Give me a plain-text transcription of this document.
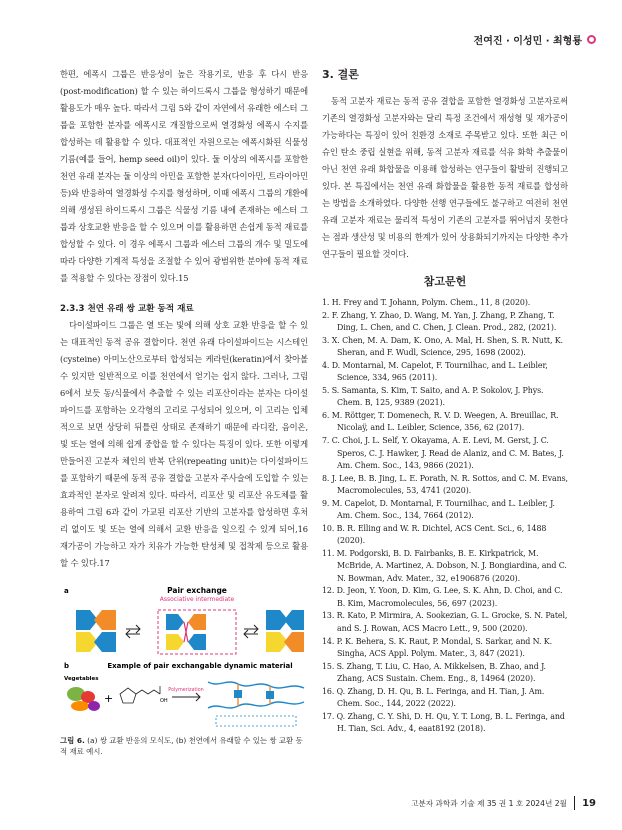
전여진 · 이성민 · 최형룡

한편, 에폭시 그룹은 반응성이 높은 작용기로, 반응 후 다시 반응(post-modification) 할 수 있는 하이드록시 그룹을 형성하기 때문에 활용도가 매우 높다. 따라서 그림 5와 같이 자연에서 유래한 에스터 그룹을 포함한 분자를 에폭시로 개질함으로써 열경화성 에폭시 수지를 합성하는 데 활용할 수 있다. 대표적인 자원으로는 에폭시화된 식물성 기름(예를 들어, hemp seed oil)이 있다. 둘 이상의 에폭시를 포함한 천연 유래 분자는 둘 이상의 아민을 포함한 분자(다이아민, 트라이아민 등)와 반응하여 열경화성 수지를 형성하며, 이때 에폭시 그룹의 개환에 의해 생성된 하이드록시 그룹은 식물성 기름 내에 존재하는 에스터 그룹과 상호교환 반응을 할 수 있으며 이를 활용하면 손쉽게 동적 재료를 합성할 수 있다. 이 경우 에폭시 그룹과 에스터 그룹의 개수 및 밀도에 따라 다양한 기계적 특성을 조절할 수 있어 광범위한 분야에 동적 재료를 적용할 수 있다는 장점이 있다.15

2.3.3 천연 유래 쌍 교환 동적 재료

다이설파이드 그룹은 열 또는 빛에 의해 상호 교환 반응을 할 수 있는 대표적인 동적 공유 결합이다. 천연 유래 다이설파이드는 시스테인(cysteine) 아미노산으로부터 합성되는 케라틴(keratin)에서 찾아볼 수 있지만 일반적으로 이를 천연에서 얻기는 쉽지 않다. 그러나, 그림 6에서 보듯 동/식물에서 추출할 수 있는 리포산이라는 분자는 다이설파이드를 포함하는 오각형의 고리로 구성되어 있으며, 이 고리는 입체적으로 보면 상당히 뒤틀린 상태로 존재하기 때문에 라디칼, 음이온, 빛 또는 열에 의해 쉽게 중합을 할 수 있다는 특징이 있다. 또한 이렇게 만들어진 고분자 체인의 반복 단위(repeating unit)는 다이설파이드를 포함하기 때문에 동적 공유 결합을 고분자 주사슬에 도입할 수 있는 효과적인 분자로 알려져 있다. 따라서, 리포산 및 리포산 유도체를 활용하여 그림 6과 같이 가교된 리포산 기반의 고분자를 합성하면 후처리 없이도 빛 또는 열에 의해서 교환 반응을 일으킬 수 있게 되어,16 재가공이 가능하고 자가 치유가 가능한 탄성체 및 접착제 등으로 활용할 수 있다.17

a	Pair exchange
Associative intermediate
b	Example of pair exchangable dynamic material
Vegetables
+	OH
Polymerization

그림 6. (a) 쌍 교환 반응의 모식도, (b) 천연에서 유래할 수 있는 쌍 교환 동적 재료 예시.

3. 결론

동적 고분자 재료는 동적 공유 결합을 포함한 열경화성 고분자로써 기존의 열경화성 고분자와는 달리 특정 조건에서 재성형 및 재가공이 가능하다는 특징이 있어 친환경 소재로 주목받고 있다. 또한 최근 이슈인 탄소 중립 실현을 위해, 동적 고분자 재료를 석유 화학 추출물이 아닌 천연 유래 화합물을 이용해 합성하는 연구들이 활발히 진행되고 있다. 본 특집에서는 천연 유래 화합물을 활용한 동적 재료를 합성하는 방법을 소개하였다. 다양한 선행 연구들에도 불구하고 여전히 천연 유래 고분자 재료는 물리적 특성이 기존의 고분자를 뛰어넘지 못한다는 점과 생산성 및 비용의 한계가 있어 상용화되기까지는 다양한 추가 연구들이 필요할 것이다.

참고문헌
1. H. Frey and T. Johann, Polym. Chem., 11, 8 (2020).
2. F. Zhang, Y. Zhao, D. Wang, M. Yan, J. Zhang, P. Zhang, T. Ding, L. Chen, and C. Chen, J. Clean. Prod., 282, (2021).
3. X. Chen, M. A. Dam, K. Ono, A. Mal, H. Shen, S. R. Nutt, K. Sheran, and F. Wudl, Science, 295, 1698 (2002).
4. D. Montarnal, M. Capelot, F. Tournilhac, and L. Leibler, Science, 334, 965 (2011).
5. S. Samanta, S. Kim, T. Saito, and A. P. Sokolov, J. Phys. Chem. B, 125, 9389 (2021).
6. M. Röttger, T. Domenech, R. V. D. Weegen, A. Breuillac, R. Nicolaÿ, and L. Leibler, Science, 356, 62 (2017).
7. C. Choi, J. L. Self, Y. Okayama, A. E. Levi, M. Gerst, J. C. Speros, C. J. Hawker, J. Read de Alaniz, and C. M. Bates, J. Am. Chem. Soc., 143, 9866 (2021).
8. J. Lee, B. B. Jing, L. E. Porath, N. R. Sottos, and C. M. Evans, Macromolecules, 53, 4741 (2020).
9. M. Capelot, D. Montarnal, F. Tournilhac, and L. Leibler, J. Am. Chem. Soc., 134, 7664 (2012).
10. B. R. Elling and W. R. Dichtel, ACS Cent. Sci., 6, 1488 (2020).
11. M. Podgorski, B. D. Fairbanks, B. E. Kirkpatrick, M. McBride, A. Martinez, A. Dobson, N. J. Bongiardina, and C. N. Bowman, Adv. Mater., 32, e1906876 (2020).
12. D. Jeon, Y. Yoon, D. Kim, G. Lee, S. K. Ahn, D. Choi, and C. B. Kim, Macromolecules, 56, 697 (2023).
13. R. Kato, P. Mirmira, A. Sookezian, G. L. Grocke, S. N. Patel, and S. J. Rowan, ACS Macro Lett., 9, 500 (2020).
14. P. K. Behera, S. K. Raut, P. Mondal, S. Sarkar, and N. K. Singha, ACS Appl. Polym. Mater., 3, 847 (2021).
15. S. Zhang, T. Liu, C. Hao, A. Mikkelsen, B. Zhao, and J. Zhang, ACS Sustain. Chem. Eng., 8, 14964 (2020).
16. Q. Zhang, D. H. Qu, B. L. Feringa, and H. Tian, J. Am. Chem. Soc., 144, 2022 (2022).
17. Q. Zhang, C. Y. Shi, D. H. Qu, Y. T. Long, B. L. Feringa, and H. Tian, Sci. Adv., 4, eaat8192 (2018).
고분자 과학과 기술 제 35 권 1 호 2024년 2월 19
